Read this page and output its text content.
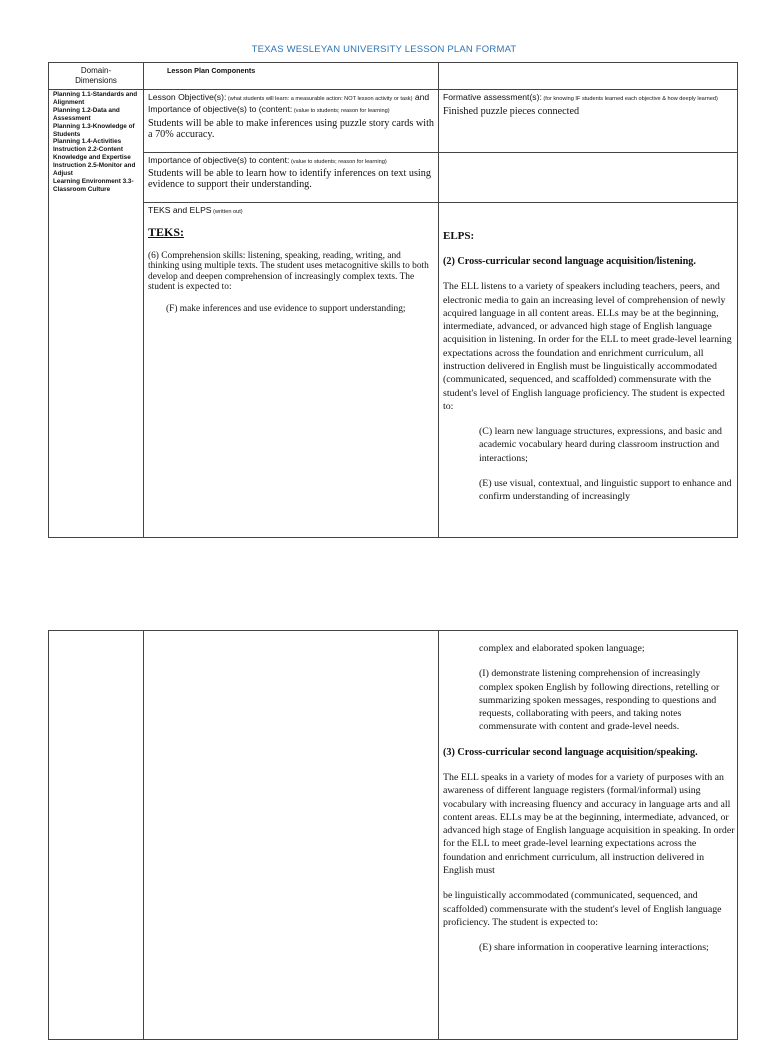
TEXAS WESLEYAN UNIVERSITY LESSON PLAN FORMAT
Domain-
Dimensions
Lesson Plan Components

Planning 1.1-Standards and Alignment

Planning 1.2-Data and Assessment

Planning 1.3-Knowledge of Students

Planning 1.4-Activities

Instruction 2.2-Content Knowledge and Expertise

Instruction 2.5-Monitor and Adjust

Learning Environment 3.3- Classroom Culture

Lesson Objective(s): (what students will learn: a measurable action: NOT lesson activity or task) and Importance of objective(s) to (content: (value to students; reason for learning)

Students will be able to make inferences using puzzle story cards with a 70% accuracy.

Formative assessment(s): (for knowing IF students learned each objective & how deeply learned)

Finished puzzle pieces connected

Importance of objective(s) to content: (value to students; reason for learning)

Students will be able to learn how to identify inferences on text using evidence to support their understanding.

TEKS and ELPS (written out)

TEKS:

(6) Comprehension skills: listening, speaking, reading, writing, and thinking using multiple texts. The student uses metacognitive skills to both develop and deepen comprehension of increasingly complex texts. The student is expected to:

(F) make inferences and use evidence to support understanding;

ELPS:

(2) Cross-curricular second language acquisition/listening.

The ELL listens to a variety of speakers including teachers, peers, and electronic media to gain an increasing level of comprehension of newly acquired language in all content areas. ELLs may be at the beginning, intermediate, advanced, or advanced high stage of English language acquisition in listening. In order for the ELL to meet grade-level learning expectations across the foundation and enrichment curriculum, all instruction delivered in English must be linguistically accommodated (communicated, sequenced, and scaffolded) commensurate with the student's level of English language proficiency. The student is expected to:

(C) learn new language structures, expressions, and basic and academic vocabulary heard during classroom instruction and interactions;

(E) use visual, contextual, and linguistic support to enhance and confirm understanding of increasingly

complex and elaborated spoken language;

(I) demonstrate listening comprehension of increasingly complex spoken English by following directions, retelling or summarizing spoken messages, responding to questions and requests, collaborating with peers, and taking notes commensurate with content and grade-level needs.

(3) Cross-curricular second language acquisition/speaking.

The ELL speaks in a variety of modes for a variety of purposes with an awareness of different language registers (formal/informal) using vocabulary with increasing fluency and accuracy in language arts and all content areas. ELLs may be at the beginning, intermediate, advanced, or advanced high stage of English language acquisition in speaking. In order for the ELL to meet grade-level learning expectations across the foundation and enrichment curriculum, all instruction delivered in English must

be linguistically accommodated (communicated, sequenced, and scaffolded) commensurate with the student's level of English language proficiency. The student is expected to:

(E) share information in cooperative learning interactions;
